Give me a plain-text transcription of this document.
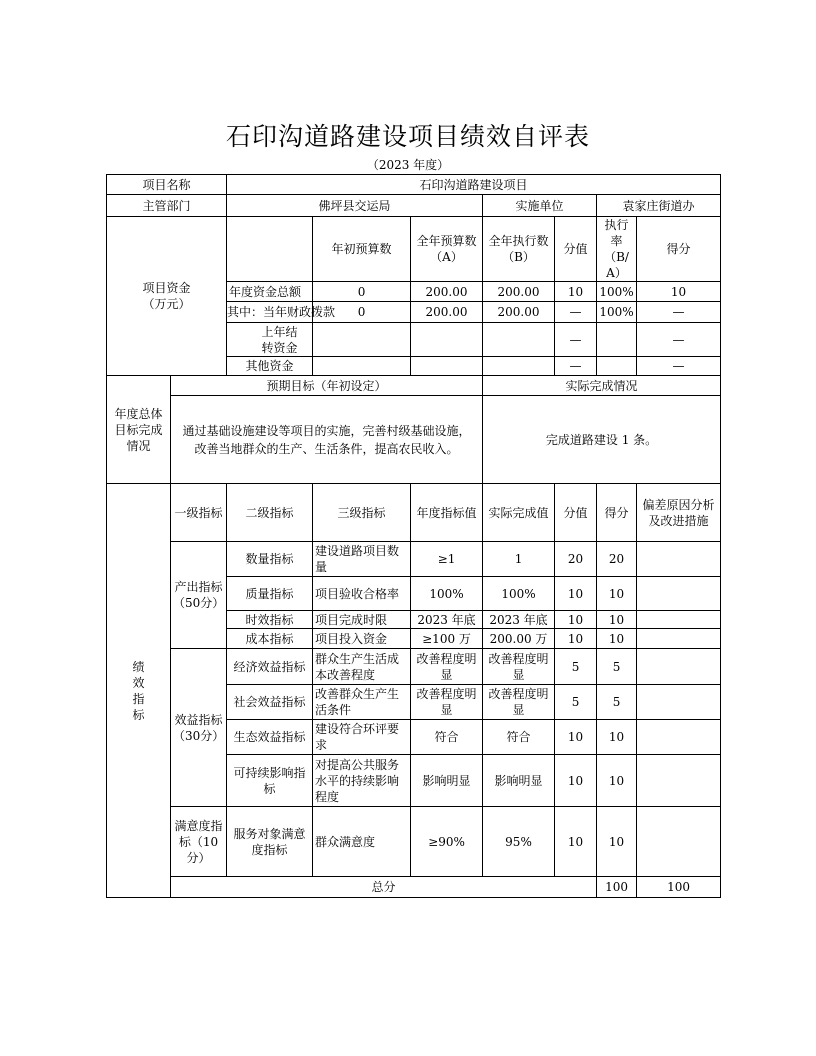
石印沟道路建设项目绩效自评表
（2023 年度）
项目名称		石印沟道路建设项目							
主管部门		佛坪县交运局			实施单位		袁家庄街道办		
项目资金
（万元）			年初预算数	全年预算数（A）	全年执行数（B）	分值	执行率（B/A）	得分	
		年度资金总额	0	200.00	200.00	10	100%	10	
		其中：当年财政拨款	0	200.00	200.00	—	100%	—	
		上年结转资金				—		—	
		其他资金				—		—	
年度总体目标完成情况	预期目标（年初设定）				实际完成情况				
	通过基础设施建设等项目的实施，完善村级基础设施，改善当地群众的生产、生活条件，提高农民收入。				完成道路建设 1 条。				
绩
效
指
标	一级指标	二级指标	三级指标	年度指标值	实际完成值	分值	得分	偏差原因分析及改进措施	
	产出指标（50分）	数量指标	建设道路项目数量	≥1	1	20	20		
		质量指标	项目验收合格率	100%	100%	10	10		
		时效指标	项目完成时限	2023 年底	2023 年底	10	10		
		成本指标	项目投入资金	≥100 万	200.00 万	10	10		
	效益指标（30分）	经济效益指标	群众生产生活成本改善程度	改善程度明显	改善程度明显	5	5		
		社会效益指标	改善群众生产生活条件	改善程度明显	改善程度明显	5	5		
		生态效益指标	建设符合环评要求	符合	符合	10	10		
		可持续影响指标	对提高公共服务水平的持续影响程度	影响明显	影响明显	10	10		
	满意度指标（10分）	服务对象满意度指标	群众满意度	≥90%	95%	10	10		
	总分						100	100	
